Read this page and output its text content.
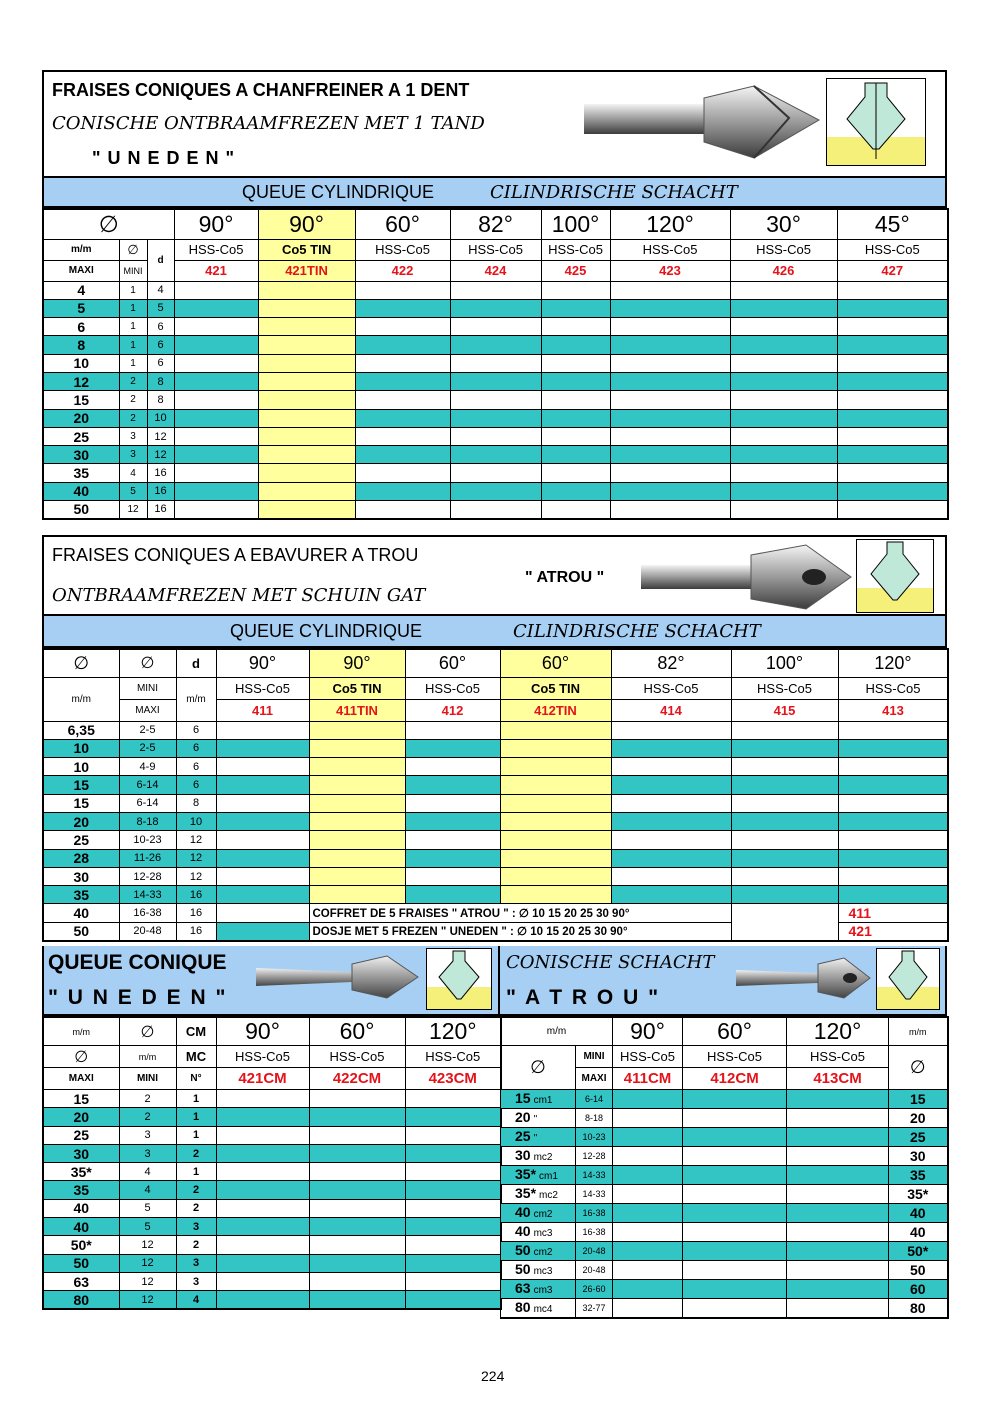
FRAISES CONIQUES A CHANFREINER A 1 DENT
CONISCHE ONTBRAAMFREZEN MET 1 TAND
" U N E D E N "
QUEUE CYLINDRIQUE	CILINDRISCHE SCHACHT
∅			90°	90°	60°	82°	100°	120°	30°	45°
m/m	∅	d	HSS-Co5	Co5 TIN	HSS-Co5	HSS-Co5	HSS-Co5	HSS-Co5	HSS-Co5	HSS-Co5
MAXI	MINI		421	421TIN	422	424	425	423	426	427
4	1	4								
5	1	5								
6	1	6								
8	1	6								
10	1	6								
12	2	8								
15	2	8								
20	2	10								
25	3	12								
30	3	12								
35	4	16								
40	5	16								
50	12	16								
FRAISES CONIQUES A EBAVURER A TROU
ONTBRAAMFREZEN MET SCHUIN GAT
" ATROU "
QUEUE CYLINDRIQUE	CILINDRISCHE SCHACHT
∅	∅	d	90°	90°	60°	60°	82°	100°	120°	
m/m	MINI	m/m	HSS-Co5	Co5 TIN	HSS-Co5	Co5 TIN	HSS-Co5	HSS-Co5	HSS-Co5	
	MAXI		411	411TIN	412	412TIN	414	415	413	
6,35	2-5	6								
10	2-5	6								
10	4-9	6								
15	6-14	6								
15	6-14	8								
20	8-18	10								
25	10-23	12								
28	11-26	12								
30	12-28	12								
35	14-33	16								
40	16-38	16		COFFRET DE 5 FRAISES " ATROU " : ∅ 10 15 20 25 30 90°					411	
50	20-48	16		DOSJE MET 5 FREZEN " UNEDEN " : ∅ 10 15 20 25 30 90°					421	
QUEUE CONIQUE
" U N E D E N "
CONISCHE SCHACHT
" A T R O U "
m/m	∅	CM	90°	60°	120°
∅	m/m	MC	HSS-Co5	HSS-Co5	HSS-Co5
MAXI	MINI	N°	421CM	422CM	423CM
15	2	1			
20	2	1			
25	3	1			
30	3	2			
35*	4	1			
35	4	2			
40	5	2			
40	5	3			
50*	12	2			
50	12	3			
63	12	3			
80	12	4			
m/m		90°	60°	120°	m/m
∅	MINI	HSS-Co5	HSS-Co5	HSS-Co5	∅
	MAXI	411CM	412CM	413CM	
15 cm1	6-14				15
20 "	8-18				20
25 "	10-23				25
30 mc2	12-28				30
35* cm1	14-33				35
35* mc2	14-33				35*
40 cm2	16-38				40
40 mc3	16-38				40
50 cm2	20-48				50*
50 mc3	20-48				50
63 cm3	26-60				60
80 mc4	32-77				80
224
